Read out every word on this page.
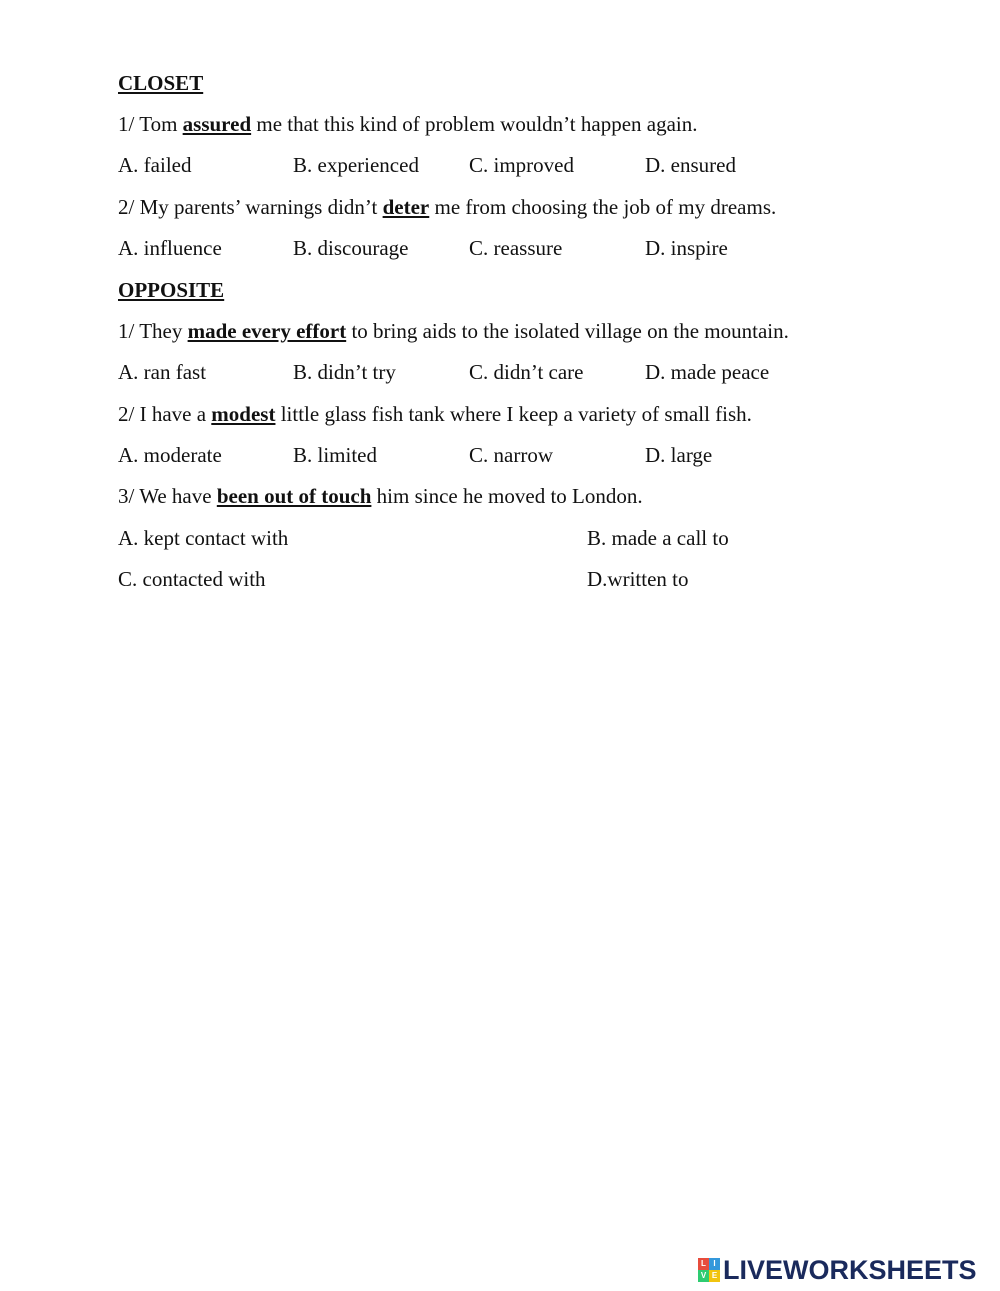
CLOSET
1/ Tom assured me that this kind of problem wouldn’t happen again.
A. failed	B. experienced C. improved	D. ensured
2/ My parents’ warnings didn’t deter me from choosing the job of my dreams.
A. influence	B. discourage	C. reassure	D. inspire
OPPOSITE
1/ They made every effort to bring aids to the isolated village on the mountain.
A. ran fast	B. didn’t try	C. didn’t care	D. made peace
2/ I have a modest little glass fish tank where I keep a variety of small fish.
A. moderate	B. limited	C. narrow	D. large
3/ We have been out of touch him since he moved to London.
A. kept contact with	B. made a call to
C. contacted with	D.written to
L I
V E LIVEWORKSHEETS
